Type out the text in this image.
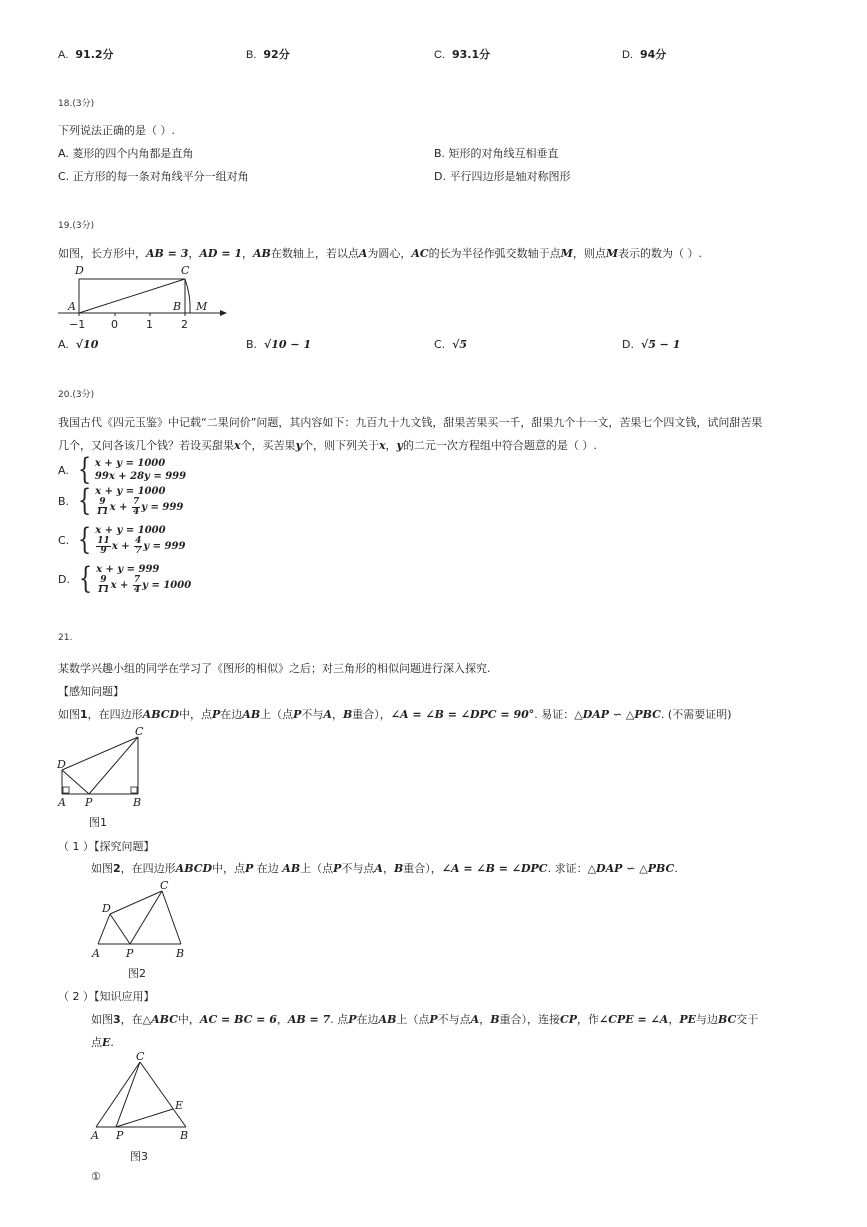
A. 91.2分	B. 92分	C. 93.1分	D. 94分
18.(3分)
下列说法正确的是（ ）.
A. 菱形的四个内角都是直角	B. 矩形的对角线互相垂直
C. 正方形的每一条对角线平分一组对角	D. 平行四边形是轴对称图形
19.(3分)
如图，长方形中，AB = 3，AD = 1，AB在数轴上，若以点A为圆心，AC的长为半径作弧交数轴于点M，则点M表示的数为（ ）.
D	C
A	B M
−1 0	1	2
A. √10	B. √10 − 1	C. √5	D. √5 − 1
20.(3分)
我国古代《四元玉鉴》中记载“二果问价”问题，其内容如下：九百九十九文钱，甜果苦果买一千，甜果九个十一文，苦果七个四文钱，试问甜苦果
几个，又问各该几个钱？若设买甜果x个，买苦果y个，则下列关于x，y的二元一次方程组中符合题意的是（ ）.
A. { x + y = 1000
99x + 28y = 999
B. { x + y = 1000
$\frac{9}{11}$ $x + \frac{7}{4}$ y = 999
C. { x + y = 1000
$\frac{11}{9}$ $x + \frac{4}{7}$ y = 999
D. { x + y = 999
$\frac{9}{11}$ $x + \frac{7}{4}$ y = 1000
21.
某数学兴趣小组的同学在学习了《图形的相似》之后；对三角形的相似问题进行深入探究.
【感知问题】
如图1，在四边形ABCD中，点P在边AB上（点P不与A，B重合），∠A = ∠B = ∠DPC = 90°. 易证：△DAP ∽ △PBC. (不需要证明)
C
D
A P	B
图1
（ 1 ）【探究问题】
如图2，在四边形ABCD中，点P 在边 AB上（点P不与点A，B重合），∠A = ∠B = ∠DPC. 求证：△DAP ∽ △PBC.
C
D
A P	B
图2
（ 2 ）【知识应用】
如图3，在△ABC中，AC = BC = 6，AB = 7. 点P在边AB上（点P不与点A，B重合），连接CP，作∠CPE = ∠A，PE与边BC交于
点E.
C
E
A P	B
图3
①
